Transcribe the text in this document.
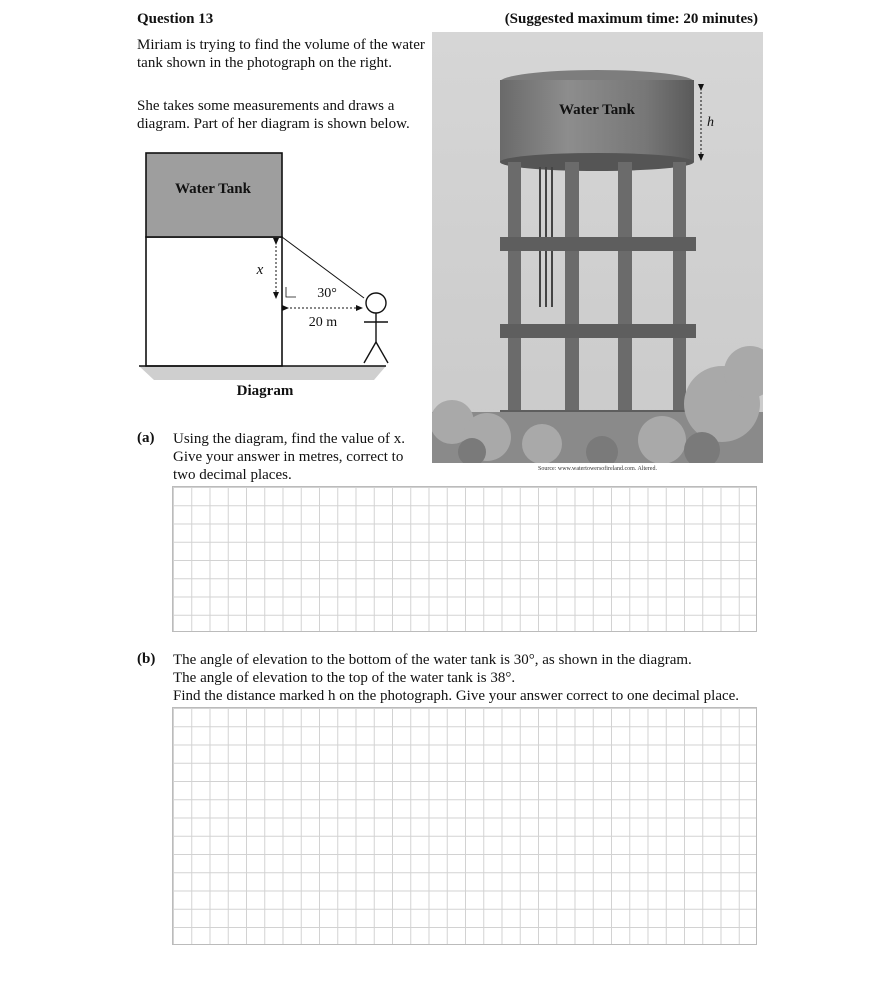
Question 13	(Suggested maximum time: 20 minutes)
Miriam is trying to find the volume of the water tank shown in the photograph on the right.
She takes some measurements and draws a diagram. Part of her diagram is shown below.
Water Tank
x
30°
20 m
Diagram
Water Tank
h
Source: www.watertowersofireland.com. Altered.
(a) Using the diagram, find the value of x.
Give your answer in metres, correct to
two decimal places.
(b) The angle of elevation to the bottom of the water tank is 30°, as shown in the diagram.
The angle of elevation to the top of the water tank is 38°.
Find the distance marked h on the photograph. Give your answer correct to one decimal place.
